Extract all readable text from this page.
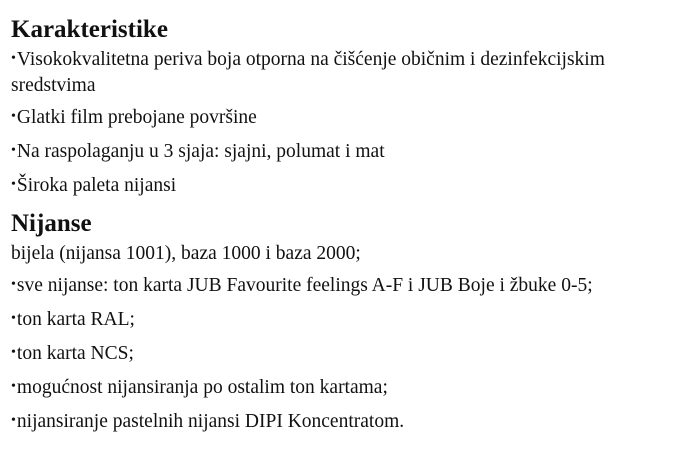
Karakteristike
•Visokokvalitetna periva boja otporna na čišćenje običnim i dezinfekcijskim sredstvima
•Glatki film prebojane površine
•Na raspolaganju u 3 sjaja: sjajni, polumat i mat
•Široka paleta nijansi
Nijanse
bijela (nijansa 1001), baza 1000 i baza 2000;
•sve nijanse: ton karta JUB Favourite feelings A-F i JUB Boje i žbuke 0-5;
•ton karta RAL;
•ton karta NCS;
•mogućnost nijansiranja po ostalim ton kartama;
•nijansiranje pastelnih nijansi DIPI Koncentratom.
